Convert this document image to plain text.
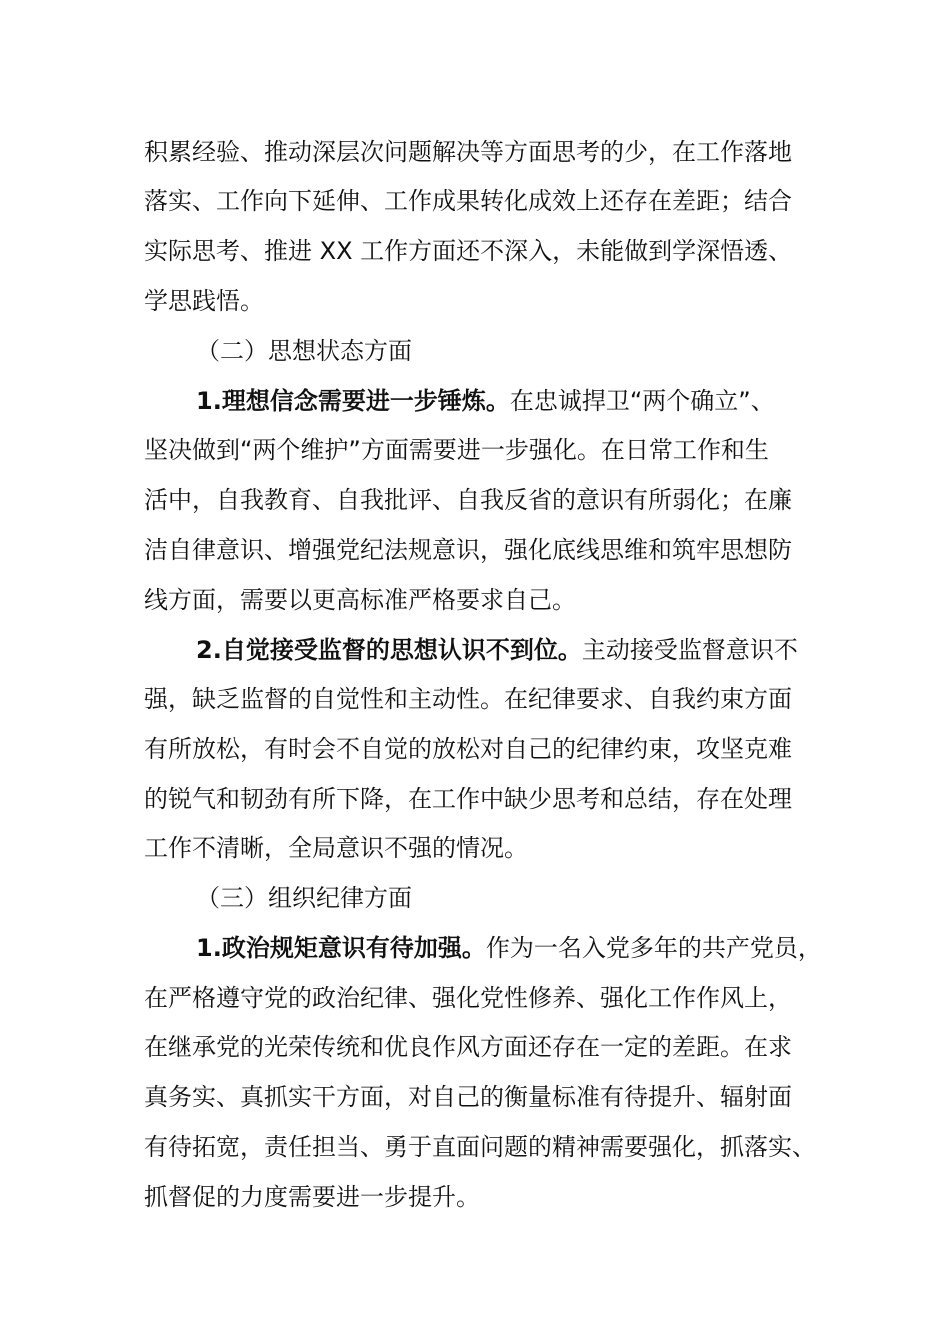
积累经验、推动深层次问题解决等方面思考的少，在工作落地
落实、工作向下延伸、工作成果转化成效上还存在差距；结合
实际思考、推进 XX 工作方面还不深入，未能做到学深悟透、
学思践悟。
（二）思想状态方面
1.理想信念需要进一步锤炼。在忠诚捍卫“两个确立”、
坚决做到“两个维护”方面需要进一步强化。在日常工作和生
活中，自我教育、自我批评、自我反省的意识有所弱化；在廉
洁自律意识、增强党纪法规意识，强化底线思维和筑牢思想防
线方面，需要以更高标准严格要求自己。
2.自觉接受监督的思想认识不到位。主动接受监督意识不
强，缺乏监督的自觉性和主动性。在纪律要求、自我约束方面
有所放松，有时会不自觉的放松对自己的纪律约束，攻坚克难
的锐气和韧劲有所下降，在工作中缺少思考和总结，存在处理
工作不清晰，全局意识不强的情况。
（三）组织纪律方面
1.政治规矩意识有待加强。作为一名入党多年的共产党员，
在严格遵守党的政治纪律、强化党性修养、强化工作作风上，
在继承党的光荣传统和优良作风方面还存在一定的差距。在求
真务实、真抓实干方面，对自己的衡量标准有待提升、辐射面
有待拓宽，责任担当、勇于直面问题的精神需要强化，抓落实、
抓督促的力度需要进一步提升。
